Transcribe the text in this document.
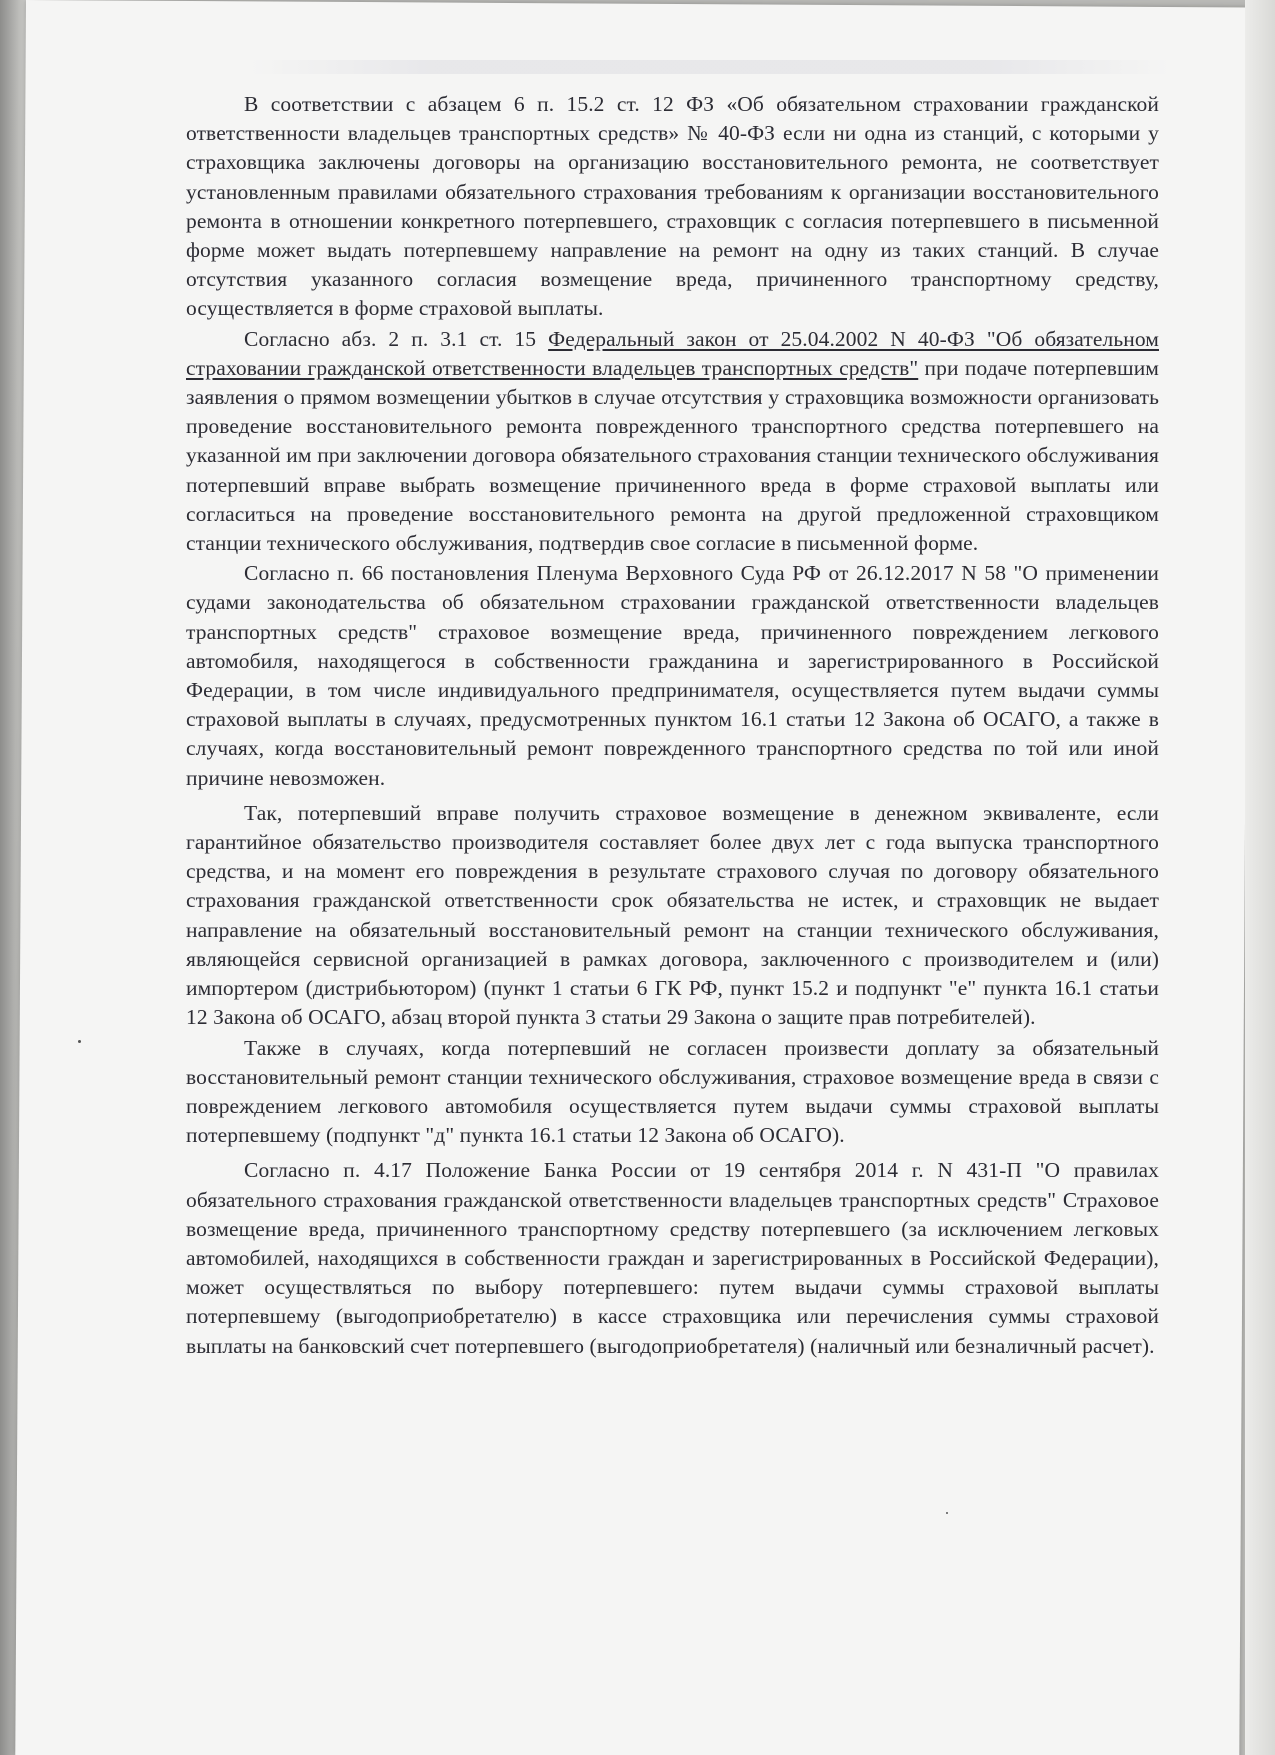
В соответствии с абзацем 6 п. 15.2 ст. 12 ФЗ «Об обязательном страховании гражданской ответственности владельцев транспортных средств» № 40-ФЗ если ни одна из станций, с которыми у страховщика заключены договоры на организацию восстановительного ремонта, не соответствует установленным правилами обязательного страхования требованиям к организации восстановительного ремонта в отношении конкретного потерпевшего, страховщик с согласия потерпевшего в письменной форме может выдать потерпевшему направление на ремонт на одну из таких станций. В случае отсутствия указанного согласия возмещение вреда, причиненного транспортному средству, осуществляется в форме страховой выплаты.

Согласно абз. 2 п. 3.1 ст. 15 Федеральный закон от 25.04.2002 N 40-ФЗ "Об обязательном страховании гражданской ответственности владельцев транспортных средств" при подаче потерпевшим заявления о прямом возмещении убытков в случае отсутствия у страховщика возможности организовать проведение восстановительного ремонта поврежденного транспортного средства потерпевшего на указанной им при заключении договора обязательного страхования станции технического обслуживания потерпевший вправе выбрать возмещение причиненного вреда в форме страховой выплаты или согласиться на проведение восстановительного ремонта на другой предложенной страховщиком станции технического обслуживания, подтвердив свое согласие в письменной форме.

Согласно п. 66 постановления Пленума Верховного Суда РФ от 26.12.2017 N 58 "О применении судами законодательства об обязательном страховании гражданской ответственности владельцев транспортных средств" страховое возмещение вреда, причиненного повреждением легкового автомобиля, находящегося в собственности гражданина и зарегистрированного в Российской Федерации, в том числе индивидуального предпринимателя, осуществляется путем выдачи суммы страховой выплаты в случаях, предусмотренных пунктом 16.1 статьи 12 Закона об ОСАГО, а также в случаях, когда восстановительный ремонт поврежденного транспортного средства по той или иной причине невозможен.

Так, потерпевший вправе получить страховое возмещение в денежном эквиваленте, если гарантийное обязательство производителя составляет более двух лет с года выпуска транспортного средства, и на момент его повреждения в результате страхового случая по договору обязательного страхования гражданской ответственности срок обязательства не истек, и страховщик не выдает направление на обязательный восстановительный ремонт на станции технического обслуживания, являющейся сервисной организацией в рамках договора, заключенного с производителем и (или) импортером (дистрибьютором) (пункт 1 статьи 6 ГК РФ, пункт 15.2 и подпункт "е" пункта 16.1 статьи 12 Закона об ОСАГО, абзац второй пункта 3 статьи 29 Закона о защите прав потребителей).

Также в случаях, когда потерпевший не согласен произвести доплату за обязательный восстановительный ремонт станции технического обслуживания, страховое возмещение вреда в связи с повреждением легкового автомобиля осуществляется путем выдачи суммы страховой выплаты потерпевшему (подпункт "д" пункта 16.1 статьи 12 Закона об ОСАГО).

Согласно п. 4.17 Положение Банка России от 19 сентября 2014 г. N 431-П "О правилах обязательного страхования гражданской ответственности владельцев транспортных средств" Страховое возмещение вреда, причиненного транспортному средству потерпевшего (за исключением легковых автомобилей, находящихся в собственности граждан и зарегистрированных в Российской Федерации), может осуществляться по выбору потерпевшего: путем выдачи суммы страховой выплаты потерпевшему (выгодоприобретателю) в кассе страховщика или перечисления суммы страховой выплаты на банковский счет потерпевшего (выгодоприобретателя) (наличный или безналичный расчет).
